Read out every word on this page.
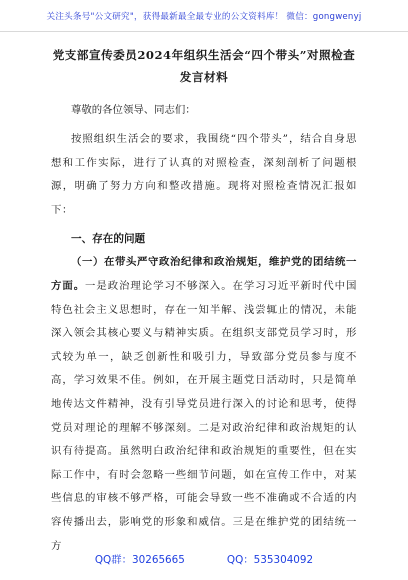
关注头条号"公文研究"，获得最新最全最专业的公文资料库！ 微信：gongwenyj
党支部宣传委员2024年组织生活会“四个带头”对照检查
发言材料
尊敬的各位领导、同志们：

按照组织生活会的要求，我围绕“四个带头”，结合自身思想和工作实际，进行了认真的对照检查，深刻剖析了问题根源，明确了努力方向和整改措施。现将对照检查情况汇报如下：

一、存在的问题

（一）在带头严守政治纪律和政治规矩，维护党的团结统一方面。一是政治理论学习不够深入。在学习习近平新时代中国特色社会主义思想时，存在一知半解、浅尝辄止的情况，未能深入领会其核心要义与精神实质。在组织支部党员学习时，形式较为单一，缺乏创新性和吸引力，导致部分党员参与度不高，学习效果不佳。例如，在开展主题党日活动时，只是简单地传达文件精神，没有引导党员进行深入的讨论和思考，使得党员对理论的理解不够深刻。二是对政治纪律和政治规矩的认识有待提高。虽然明白政治纪律和政治规矩的重要性，但在实际工作中，有时会忽略一些细节问题，如在宣传工作中，对某些信息的审核不够严格，可能会导致一些不准确或不合适的内容传播出去，影响党的形象和威信。三是在维护党的团结统一方

QQ群：30265665	QQ：535304092
